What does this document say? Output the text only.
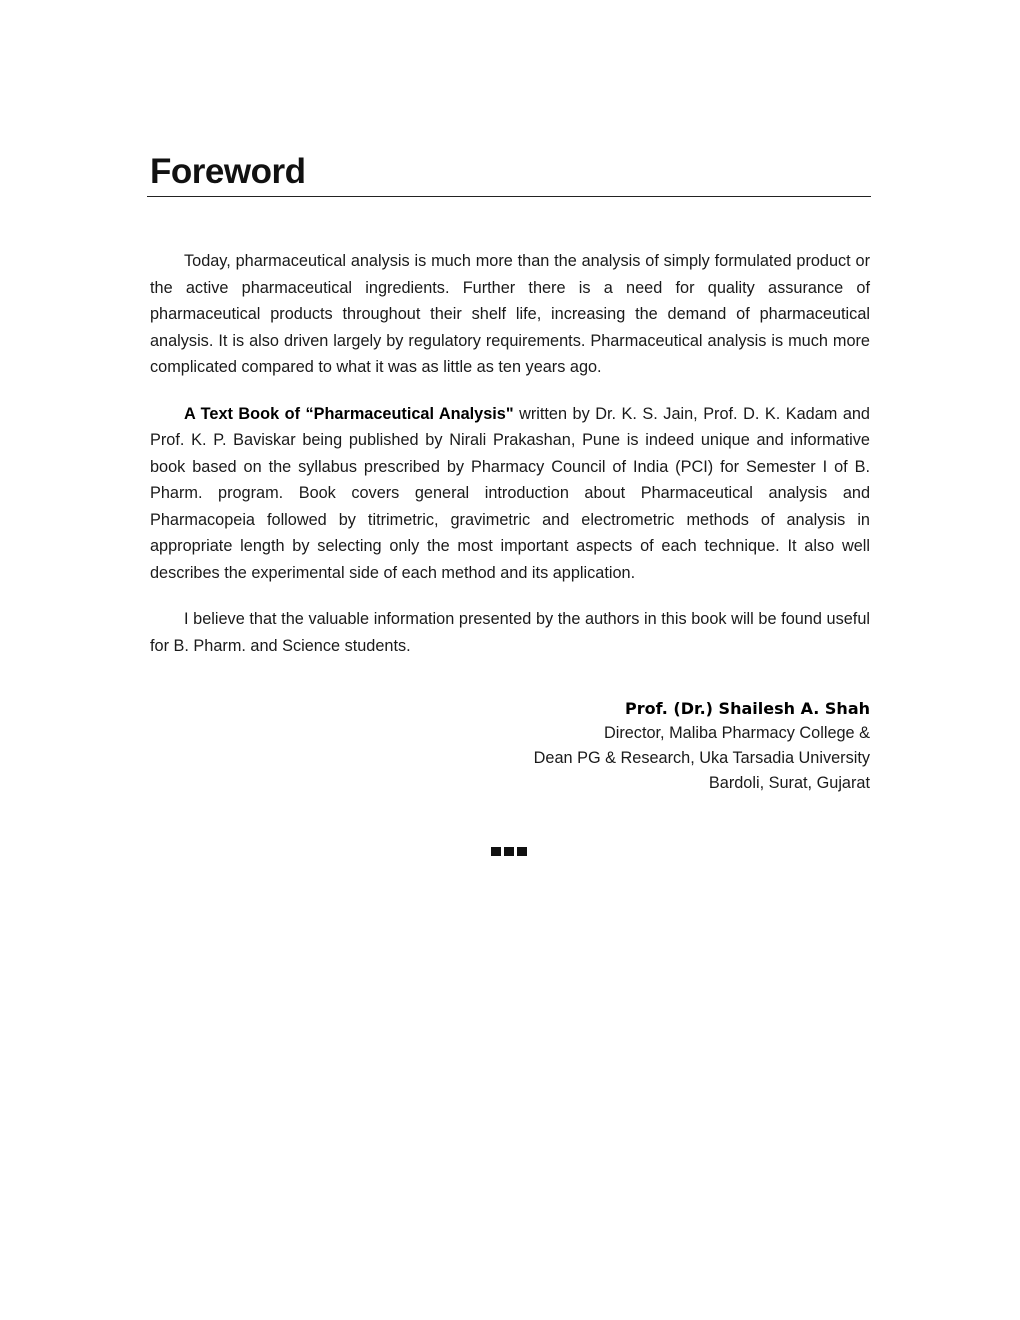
Foreword

Today, pharmaceutical analysis is much more than the analysis of simply formulated product or the active pharmaceutical ingredients. Further there is a need for quality assurance of pharmaceutical products throughout their shelf life, increasing the demand of pharmaceutical analysis. It is also driven largely by regulatory requirements. Pharmaceutical analysis is much more complicated compared to what it was as little as ten years ago.

A Text Book of “Pharmaceutical Analysis" written by Dr. K. S. Jain, Prof. D. K. Kadam and Prof. K. P. Baviskar being published by Nirali Prakashan, Pune is indeed unique and informative book based on the syllabus prescribed by Pharmacy Council of India (PCI) for Semester I of B. Pharm. program. Book covers general introduction about Pharmaceutical analysis and Pharmacopeia followed by titrimetric, gravimetric and electrometric methods of analysis in appropriate length by selecting only the most important aspects of each technique. It also well describes the experimental side of each method and its application.

I believe that the valuable information presented by the authors in this book will be found useful for B. Pharm. and Science students.

Prof. (Dr.) Shailesh A. Shah
Director, Maliba Pharmacy College &
Dean PG & Research, Uka Tarsadia University
Bardoli, Surat, Gujarat
